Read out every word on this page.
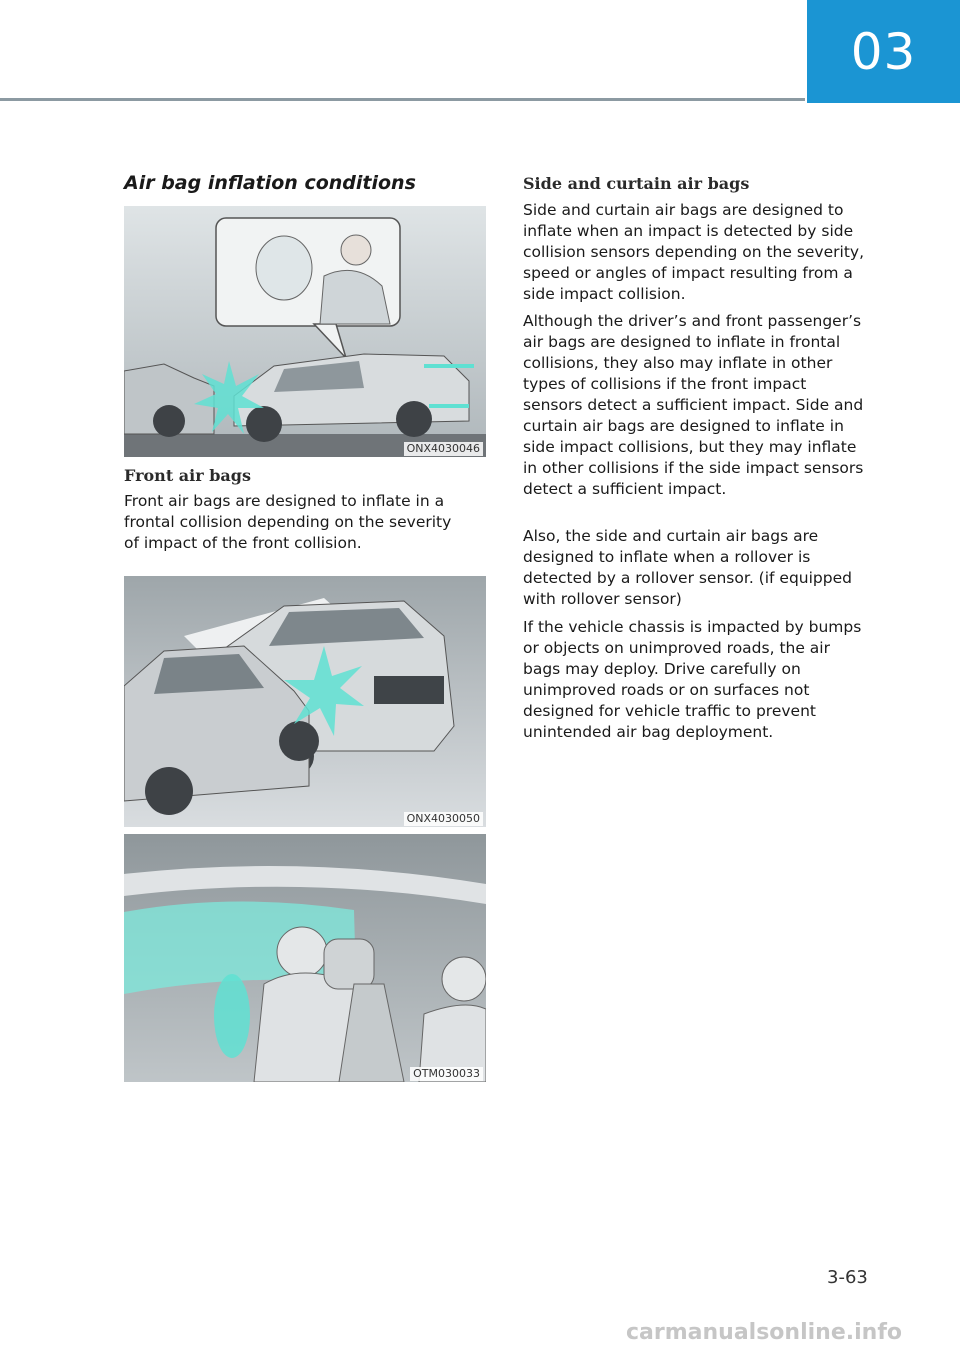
03
Air bag inflation conditions
ONX4030046
Front air bags

Front air bags are designed to inflate in a frontal collision depending on the severity of impact of the front collision.

ONX4030050
OTM030033
Side and curtain air bags

Side and curtain air bags are designed to inflate when an impact is detected by side collision sensors depending on the severity, speed or angles of impact resulting from a side impact collision.

Although the driver’s and front passenger’s air bags are designed to inflate in frontal collisions, they also may inflate in other types of collisions if the front impact sensors detect a sufficient impact. Side and curtain air bags are designed to inflate in side impact collisions, but they may inflate in other collisions if the side impact sensors detect a sufficient impact.

Also, the side and curtain air bags are designed to inflate when a rollover is detected by a rollover sensor. (if equipped with rollover sensor)

If the vehicle chassis is impacted by bumps or objects on unimproved roads, the air bags may deploy. Drive carefully on unimproved roads or on surfaces not designed for vehicle traffic to prevent unintended air bag deployment.

3-63
carmanualsonline.info
